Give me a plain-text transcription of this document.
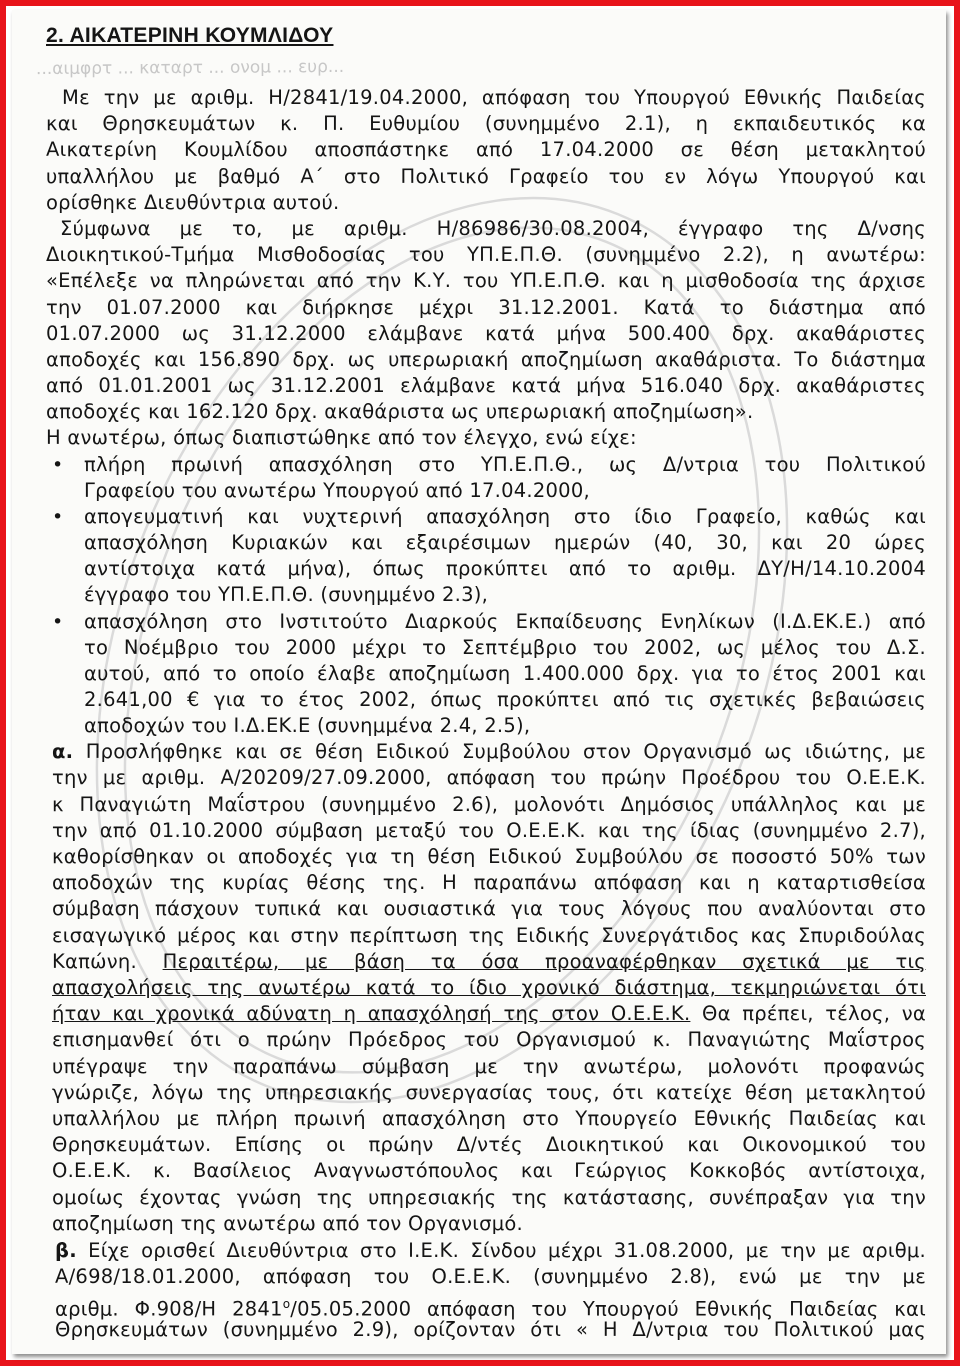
2. ΑΙΚΑΤΕΡΙΝΗ ΚΟΥΜΛΙΔΟΥ
...αιμφρτ ... καταρτ ... ονομ ... ευρ...
Με την με αριθμ. Η/2841/19.04.2000, απόφαση του Υπουργού Εθνικής Παιδείας
και Θρησκευμάτων κ. Π. Ευθυμίου (συνημμένο 2.1), η εκπαιδευτικός κα
Αικατερίνη Κουμλίδου αποσπάστηκε από 17.04.2000 σε θέση μετακλητού
υπαλλήλου με βαθμό Α΄ στο Πολιτικό Γραφείο του εν λόγω Υπουργού και
ορίσθηκε Διευθύντρια αυτού.
Σύμφωνα με το, με αριθμ. Η/86986/30.08.2004, έγγραφο της Δ/νσης
Διοικητικού-Τμήμα Μισθοδοσίας του ΥΠ.Ε.Π.Θ. (συνημμένο 2.2), η ανωτέρω:
«Επέλεξε να πληρώνεται από την Κ.Υ. του ΥΠ.Ε.Π.Θ. και η μισθοδοσία της άρχισε
την 01.07.2000 και διήρκησε μέχρι 31.12.2001. Κατά το διάστημα από
01.07.2000 ως 31.12.2000 ελάμβανε κατά μήνα 500.400 δρχ. ακαθάριστες
αποδοχές και 156.890 δρχ. ως υπερωριακή αποζημίωση ακαθάριστα. Το διάστημα
από 01.01.2001 ως 31.12.2001 ελάμβανε κατά μήνα 516.040 δρχ. ακαθάριστες
αποδοχές και 162.120 δρχ. ακαθάριστα ως υπερωριακή αποζημίωση».
Η ανωτέρω, όπως διαπιστώθηκε από τον έλεγχο, ενώ είχε:
• πλήρη πρωινή απασχόληση στο ΥΠ.Ε.Π.Θ., ως Δ/ντρια του Πολιτικού
Γραφείου του ανωτέρω Υπουργού από 17.04.2000,
• απογευματινή και νυχτερινή απασχόληση στο ίδιο Γραφείο, καθώς και
απασχόληση Κυριακών και εξαιρέσιμων ημερών (40, 30, και 20 ώρες
αντίστοιχα κατά μήνα), όπως προκύπτει από το αριθμ. ΔΥ/Η/14.10.2004
έγγραφο του ΥΠ.Ε.Π.Θ. (συνημμένο 2.3),
• απασχόληση στο Ινστιτούτο Διαρκούς Εκπαίδευσης Ενηλίκων (Ι.Δ.ΕΚ.Ε.) από
το Νοέμβριο του 2000 μέχρι το Σεπτέμβριο του 2002, ως μέλος του Δ.Σ.
αυτού, από το οποίο έλαβε αποζημίωση 1.400.000 δρχ. για το έτος 2001 και
2.641,00 € για το έτος 2002, όπως προκύπτει από τις σχετικές βεβαιώσεις
αποδοχών του Ι.Δ.ΕΚ.Ε (συνημμένα 2.4, 2.5),
α. Προσλήφθηκε και σε θέση Ειδικού Συμβούλου στον Οργανισμό ως ιδιώτης, με
την με αριθμ. Α/20209/27.09.2000, απόφαση του πρώην Προέδρου του Ο.Ε.Ε.Κ.
κ Παναγιώτη Μαΐστρου (συνημμένο 2.6), μολονότι Δημόσιος υπάλληλος και με
την από 01.10.2000 σύμβαση μεταξύ του Ο.Ε.Ε.Κ. και της ίδιας (συνημμένο 2.7),
καθορίσθηκαν οι αποδοχές για τη θέση Ειδικού Συμβούλου σε ποσοστό 50% των
αποδοχών της κυρίας θέσης της. Η παραπάνω απόφαση και η καταρτισθείσα
σύμβαση πάσχουν τυπικά και ουσιαστικά για τους λόγους που αναλύονται στο
εισαγωγικό μέρος και στην περίπτωση της Ειδικής Συνεργάτιδος κας Σπυριδούλας
Καπώνη. Περαιτέρω, με βάση τα όσα προαναφέρθηκαν σχετικά με τις
απασχολήσεις της ανωτέρω κατά το ίδιο χρονικό διάστημα, τεκμηριώνεται ότι
ήταν και χρονικά αδύνατη η απασχόλησή της στον Ο.Ε.Ε.Κ. Θα πρέπει, τέλος, να
επισημανθεί ότι ο πρώην Πρόεδρος του Οργανισμού κ. Παναγιώτης Μαΐστρος
υπέγραψε την παραπάνω σύμβαση με την ανωτέρω, μολονότι προφανώς
γνώριζε, λόγω της υπηρεσιακής συνεργασίας τους, ότι κατείχε θέση μετακλητού
υπαλλήλου με πλήρη πρωινή απασχόληση στο Υπουργείο Εθνικής Παιδείας και
Θρησκευμάτων. Επίσης οι πρώην Δ/ντές Διοικητικού και Οικονομικού του
Ο.Ε.Ε.Κ. κ. Βασίλειος Αναγνωστόπουλος και Γεώργιος Κοκκοβός αντίστοιχα,
ομοίως έχοντας γνώση της υπηρεσιακής της κατάστασης, συνέπραξαν για την
αποζημίωση της ανωτέρω από τον Οργανισμό.
β. Είχε ορισθεί Διευθύντρια στο Ι.Ε.Κ. Σίνδου μέχρι 31.08.2000, με την με αριθμ.
Α/698/18.01.2000, απόφαση του Ο.Ε.Ε.Κ. (συνημμένο 2.8), ενώ με την με
αριθμ. Φ.908/Η $2841^o/05.05.2000$ απόφαση του Υπουργού Εθνικής Παιδείας και
Θρησκευμάτων (συνημμένο 2.9), ορίζονταν ότι « Η Δ/ντρια του Πολιτικού μας
